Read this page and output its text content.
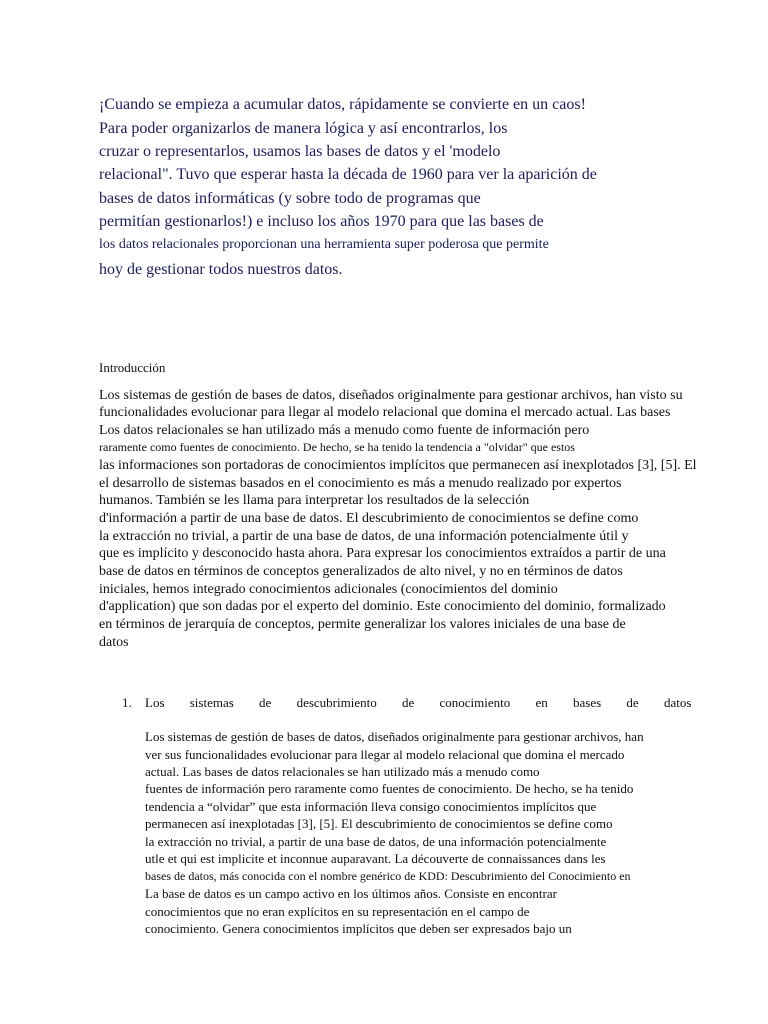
¡Cuando se empieza a acumular datos, rápidamente se convierte en un caos!
Para poder organizarlos de manera lógica y así encontrarlos, los
cruzar o representarlos, usamos las bases de datos y el 'modelo
relacional". Tuvo que esperar hasta la década de 1960 para ver la aparición de
bases de datos informáticas (y sobre todo de programas que
permitían gestionarlos!) e incluso los años 1970 para que las bases de
los datos relacionales proporcionan una herramienta super poderosa que permite
hoy de gestionar todos nuestros datos.
Introducción
Los sistemas de gestión de bases de datos, diseñados originalmente para gestionar archivos, han visto su
funcionalidades evolucionar para llegar al modelo relacional que domina el mercado actual. Las bases
Los datos relacionales se han utilizado más a menudo como fuente de información pero
raramente como fuentes de conocimiento. De hecho, se ha tenido la tendencia a "olvidar" que estos
las informaciones son portadoras de conocimientos implícitos que permanecen así inexplotados [3], [5]. El
el desarrollo de sistemas basados en el conocimiento es más a menudo realizado por expertos
humanos. También se les llama para interpretar los resultados de la selección
d'información a partir de una base de datos. El descubrimiento de conocimientos se define como
la extracción no trivial, a partir de una base de datos, de una información potencialmente útil y
que es implícito y desconocido hasta ahora. Para expresar los conocimientos extraídos a partir de una
base de datos en términos de conceptos generalizados de alto nivel, y no en términos de datos
iniciales, hemos integrado conocimientos adicionales (conocimientos del dominio
d'application) que son dadas por el experto del dominio. Este conocimiento del dominio, formalizado
en términos de jerarquía de conceptos, permite generalizar los valores iniciales de una base de
datos
1. Los sistemas de descubrimiento de conocimiento en bases de datos
Los sistemas de gestión de bases de datos, diseñados originalmente para gestionar archivos, han
ver sus funcionalidades evolucionar para llegar al modelo relacional que domina el mercado
actual. Las bases de datos relacionales se han utilizado más a menudo como
fuentes de información pero raramente como fuentes de conocimiento. De hecho, se ha tenido
tendencia a “olvidar” que esta información lleva consigo conocimientos implícitos que
permanecen así inexplotadas [3], [5]. El descubrimiento de conocimientos se define como
la extracción no trivial, a partir de una base de datos, de una información potencialmente
utle et qui est implicite et inconnue auparavant. La découverte de connaissances dans les
bases de datos, más conocida con el nombre genérico de KDD: Descubrimiento del Conocimiento en
La base de datos es un campo activo en los últimos años. Consiste en encontrar
conocimientos que no eran explícitos en su representación en el campo de
conocimiento. Genera conocimientos implícitos que deben ser expresados bajo un
